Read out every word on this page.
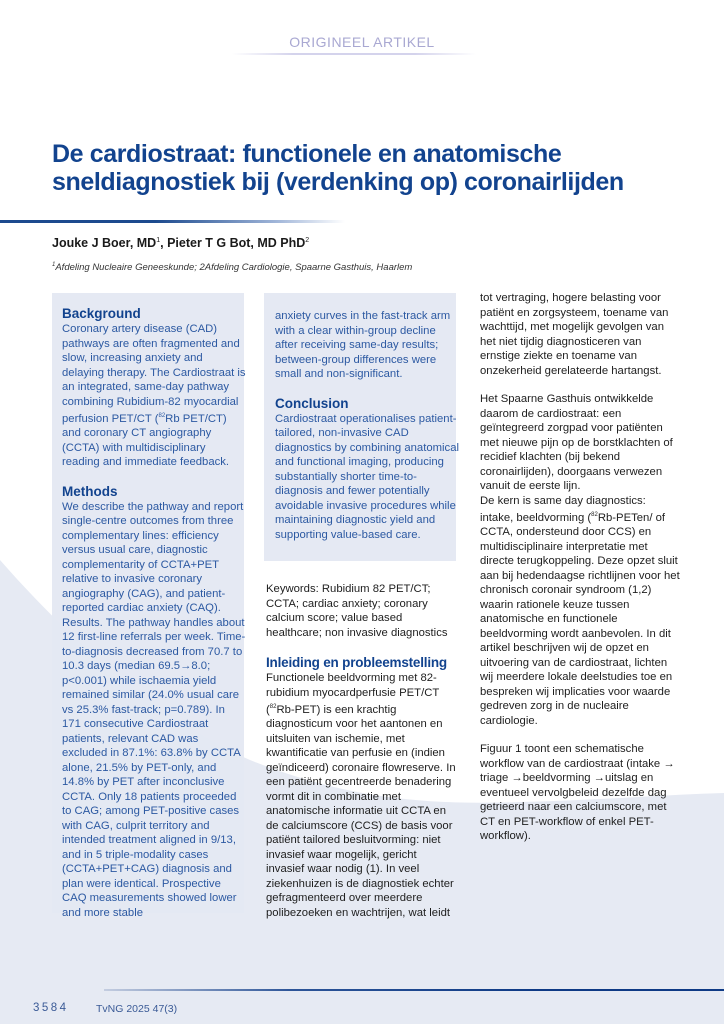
ORIGINEEL ARTIKEL
De cardiostraat: functionele en anatomische
sneldiagnostiek bij (verdenking op) coronairlijden
Jouke J Boer, $MD^1$, Pieter T G Bot, MD PhD$^2$
$^1$Afdeling Nucleaire Geneeskunde; 2Afdeling Cardiologie, Spaarne Gasthuis, Haarlem
Background

Coronary artery disease (CAD) pathways are often fragmented and slow, increasing anxiety and delaying therapy. The Cardiostraat is an integrated, same-day pathway combining Rubidium-82 myocardial perfusion PET/CT ($^{82}$Rb PET/CT) and coronary CT angiography (CCTA) with multidisciplinary reading and immediate feedback.

Methods

We describe the pathway and report single-centre outcomes from three complementary lines: efficiency versus usual care, diagnostic complementarity of CCTA+PET relative to invasive coronary angiography (CAG), and patient-reported cardiac anxiety (CAQ). Results. The pathway handles about 12 first-line referrals per week. Time-to-diagnosis decreased from 70.7 to 10.3 days (median 69.5→8.0; p<0.001) while ischaemia yield remained similar (24.0% usual care vs 25.3% fast-track; p=0.789). In 171 consecutive Cardiostraat patients, relevant CAD was excluded in 87.1%: 63.8% by CCTA alone, 21.5% by PET-only, and 14.8% by PET after inconclusive CCTA. Only 18 patients proceeded to CAG; among PET-positive cases with CAG, culprit territory and intended treatment aligned in 9/13, and in 5 triple-modality cases (CCTA+PET+CAG) diagnosis and plan were identical. Prospective CAQ measurements showed lower and more stable

anxiety curves in the fast-track arm with a clear within-group decline after receiving same-day results; between-group differences were small and non-significant.

Conclusion

Cardiostraat operationalises patient-tailored, non-invasive CAD diagnostics by combining anatomical and functional imaging, producing substantially shorter time-to-diagnosis and fewer potentially avoidable invasive procedures while maintaining diagnostic yield and supporting value-based care.

Keywords: Rubidium 82 PET/CT; CCTA; cardiac anxiety; coronary calcium score; value based healthcare; non invasive diagnostics

Inleiding en probleemstelling

Functionele beeldvorming met 82-rubidium myocardperfusie PET/CT ($^{82}$Rb-PET) is een krachtig diagnosticum voor het aantonen en uitsluiten van ischemie, met kwantificatie van perfusie en (indien geïndiceerd) coronaire flowreserve. In een patiënt gecentreerde benadering vormt dit in combinatie met anatomische informatie uit CCTA en de calciumscore (CCS) de basis voor patiënt tailored besluitvorming: niet invasief waar mogelijk, gericht invasief waar nodig (1). In veel ziekenhuizen is de diagnostiek echter gefragmenteerd over meerdere polibezoeken en wachtrijen, wat leidt

tot vertraging, hogere belasting voor patiënt en zorgsysteem, toename van wachttijd, met mogelijk gevolgen van het niet tijdig diagnosticeren van ernstige ziekte en toename van onzekerheid gerelateerde hartangst.

Het Spaarne Gasthuis ontwikkelde daarom de cardiostraat: een geïntegreerd zorgpad voor patiënten met nieuwe pijn op de borstklachten of recidief klachten (bij bekend coronairlijden), doorgaans verwezen vanuit de eerste lijn.

De kern is same day diagnostics: intake, beeldvorming ($^{82}$Rb-PETen/ of CCTA, ondersteund door CCS) en multidisciplinaire interpretatie met directe terugkoppeling. Deze opzet sluit aan bij hedendaagse richtlijnen voor het chronisch coronair syndroom (1,2) waarin rationele keuze tussen anatomische en functionele beeldvorming wordt aanbevolen. In dit artikel beschrijven wij de opzet en uitvoering van de cardiostraat, lichten wij meerdere lokale deelstudies toe en bespreken wij implicaties voor waarde gedreven zorg in de nucleaire cardiologie.

Figuur 1 toont een schematische workflow van de cardiostraat (intake → triage →beeldvorming →uitslag en eventueel vervolgbeleid dezelfde dag getrieerd naar een calciumscore, met CT en PET-workflow of enkel PET-workflow).

3584	TvNG 2025 47(3)
